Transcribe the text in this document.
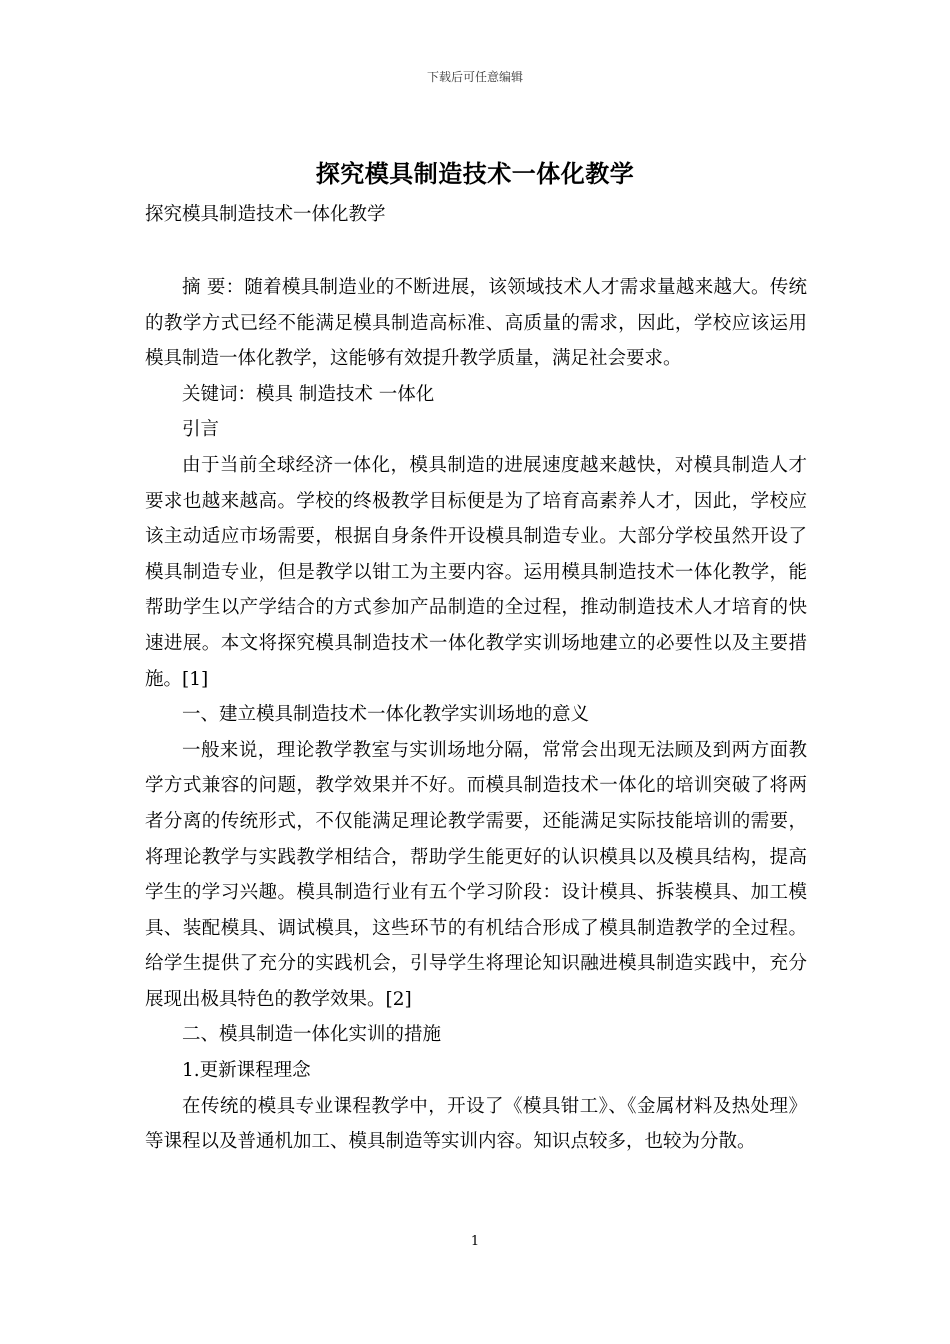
下载后可任意编辑
探究模具制造技术一体化教学

探究模具制造技术一体化教学

摘 要：随着模具制造业的不断进展，该领域技术人才需求量越来越大。传统的教学方式已经不能满足模具制造高标准、高质量的需求，因此，学校应该运用模具制造一体化教学，这能够有效提升教学质量，满足社会要求。

关键词：模具 制造技术 一体化

引言

由于当前全球经济一体化，模具制造的进展速度越来越快，对模具制造人才要求也越来越高。学校的终极教学目标便是为了培育高素养人才，因此，学校应该主动适应市场需要，根据自身条件开设模具制造专业。大部分学校虽然开设了模具制造专业，但是教学以钳工为主要内容。运用模具制造技术一体化教学，能帮助学生以产学结合的方式参加产品制造的全过程，推动制造技术人才培育的快速进展。本文将探究模具制造技术一体化教学实训场地建立的必要性以及主要措施。[1]

一、建立模具制造技术一体化教学实训场地的意义

一般来说，理论教学教室与实训场地分隔，常常会出现无法顾及到两方面教学方式兼容的问题，教学效果并不好。而模具制造技术一体化的培训突破了将两者分离的传统形式，不仅能满足理论教学需要，还能满足实际技能培训的需要，将理论教学与实践教学相结合，帮助学生能更好的认识模具以及模具结构，提高学生的学习兴趣。模具制造行业有五个学习阶段：设计模具、拆装模具、加工模具、装配模具、调试模具，这些环节的有机结合形成了模具制造教学的全过程。给学生提供了充分的实践机会，引导学生将理论知识融进模具制造实践中，充分展现出极具特色的教学效果。[2]

二、模具制造一体化实训的措施

1.更新课程理念

在传统的模具专业课程教学中，开设了《模具钳工》、《金属材料及热处理》等课程以及普通机加工、模具制造等实训内容。知识点较多，也较为分散。

1
